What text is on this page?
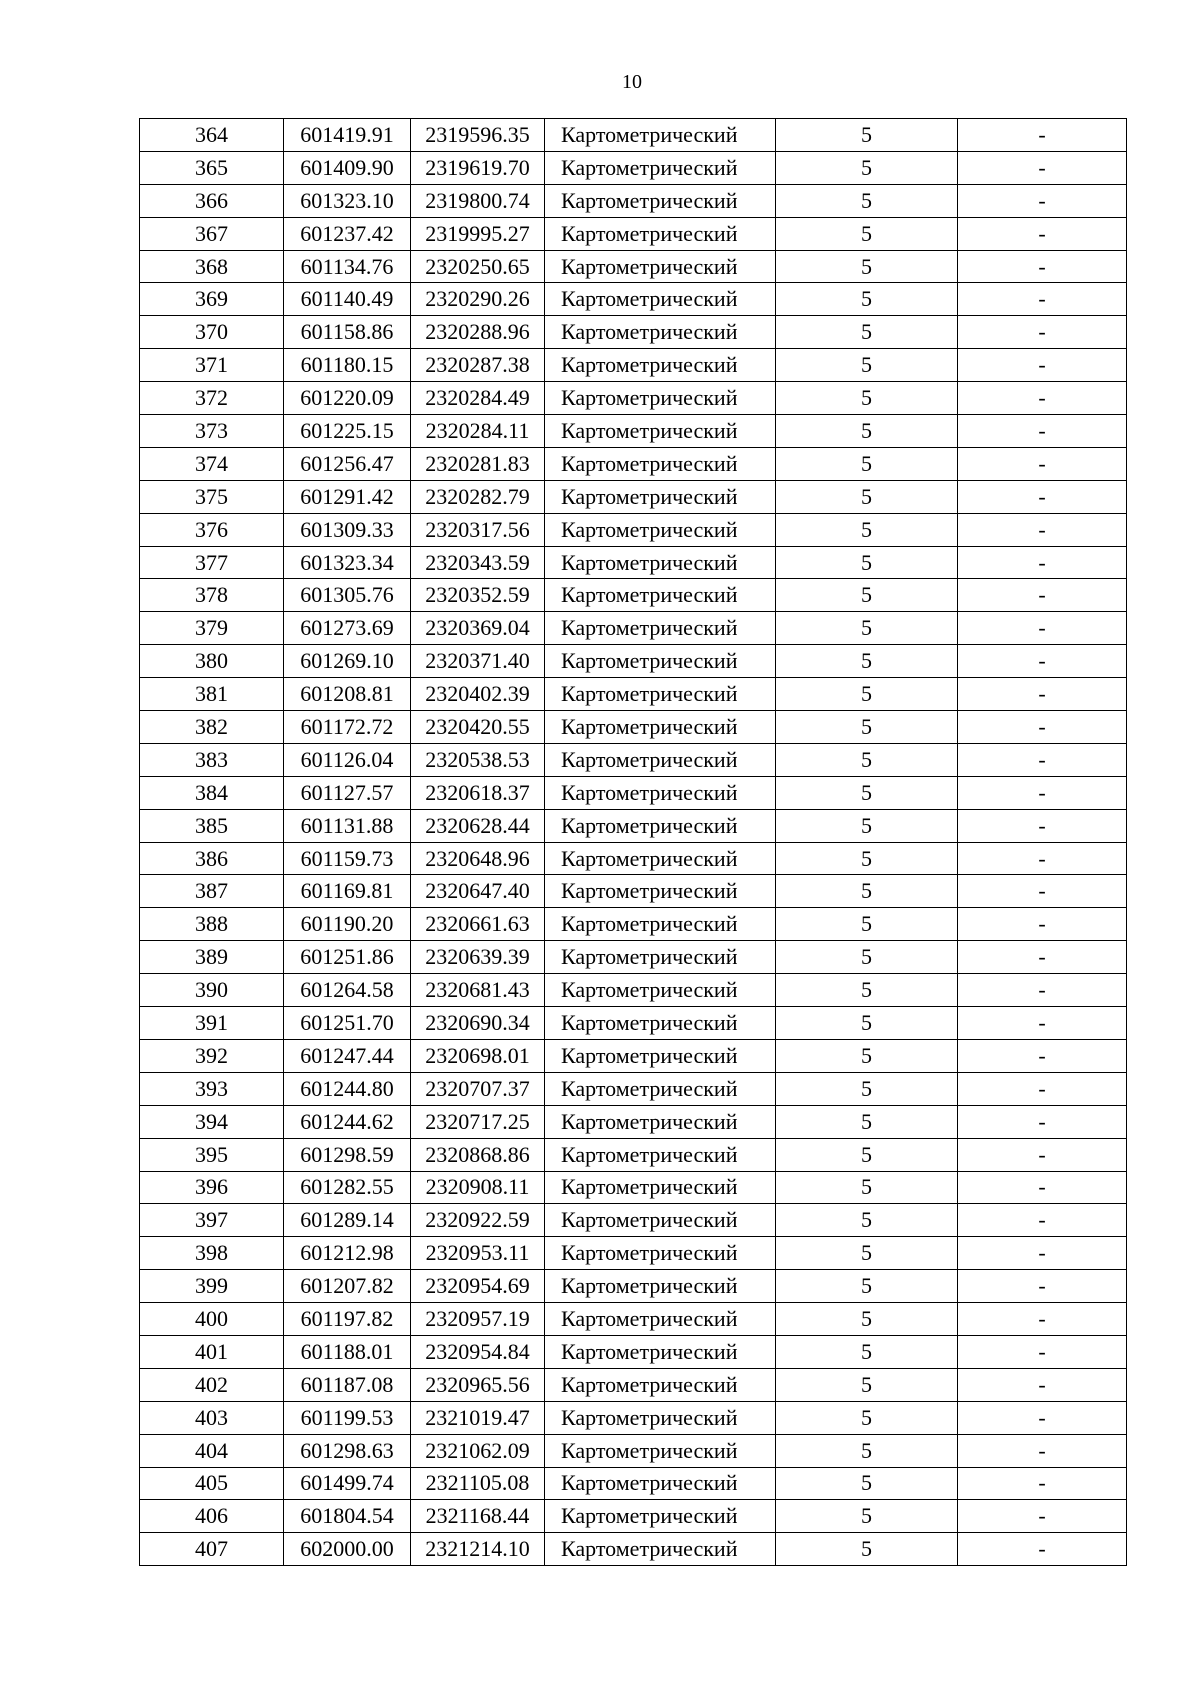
10
364	601419.91	2319596.35	Картометрический	5	-
365	601409.90	2319619.70	Картометрический	5	-
366	601323.10	2319800.74	Картометрический	5	-
367	601237.42	2319995.27	Картометрический	5	-
368	601134.76	2320250.65	Картометрический	5	-
369	601140.49	2320290.26	Картометрический	5	-
370	601158.86	2320288.96	Картометрический	5	-
371	601180.15	2320287.38	Картометрический	5	-
372	601220.09	2320284.49	Картометрический	5	-
373	601225.15	2320284.11	Картометрический	5	-
374	601256.47	2320281.83	Картометрический	5	-
375	601291.42	2320282.79	Картометрический	5	-
376	601309.33	2320317.56	Картометрический	5	-
377	601323.34	2320343.59	Картометрический	5	-
378	601305.76	2320352.59	Картометрический	5	-
379	601273.69	2320369.04	Картометрический	5	-
380	601269.10	2320371.40	Картометрический	5	-
381	601208.81	2320402.39	Картометрический	5	-
382	601172.72	2320420.55	Картометрический	5	-
383	601126.04	2320538.53	Картометрический	5	-
384	601127.57	2320618.37	Картометрический	5	-
385	601131.88	2320628.44	Картометрический	5	-
386	601159.73	2320648.96	Картометрический	5	-
387	601169.81	2320647.40	Картометрический	5	-
388	601190.20	2320661.63	Картометрический	5	-
389	601251.86	2320639.39	Картометрический	5	-
390	601264.58	2320681.43	Картометрический	5	-
391	601251.70	2320690.34	Картометрический	5	-
392	601247.44	2320698.01	Картометрический	5	-
393	601244.80	2320707.37	Картометрический	5	-
394	601244.62	2320717.25	Картометрический	5	-
395	601298.59	2320868.86	Картометрический	5	-
396	601282.55	2320908.11	Картометрический	5	-
397	601289.14	2320922.59	Картометрический	5	-
398	601212.98	2320953.11	Картометрический	5	-
399	601207.82	2320954.69	Картометрический	5	-
400	601197.82	2320957.19	Картометрический	5	-
401	601188.01	2320954.84	Картометрический	5	-
402	601187.08	2320965.56	Картометрический	5	-
403	601199.53	2321019.47	Картометрический	5	-
404	601298.63	2321062.09	Картометрический	5	-
405	601499.74	2321105.08	Картометрический	5	-
406	601804.54	2321168.44	Картометрический	5	-
407	602000.00	2321214.10	Картометрический	5	-
